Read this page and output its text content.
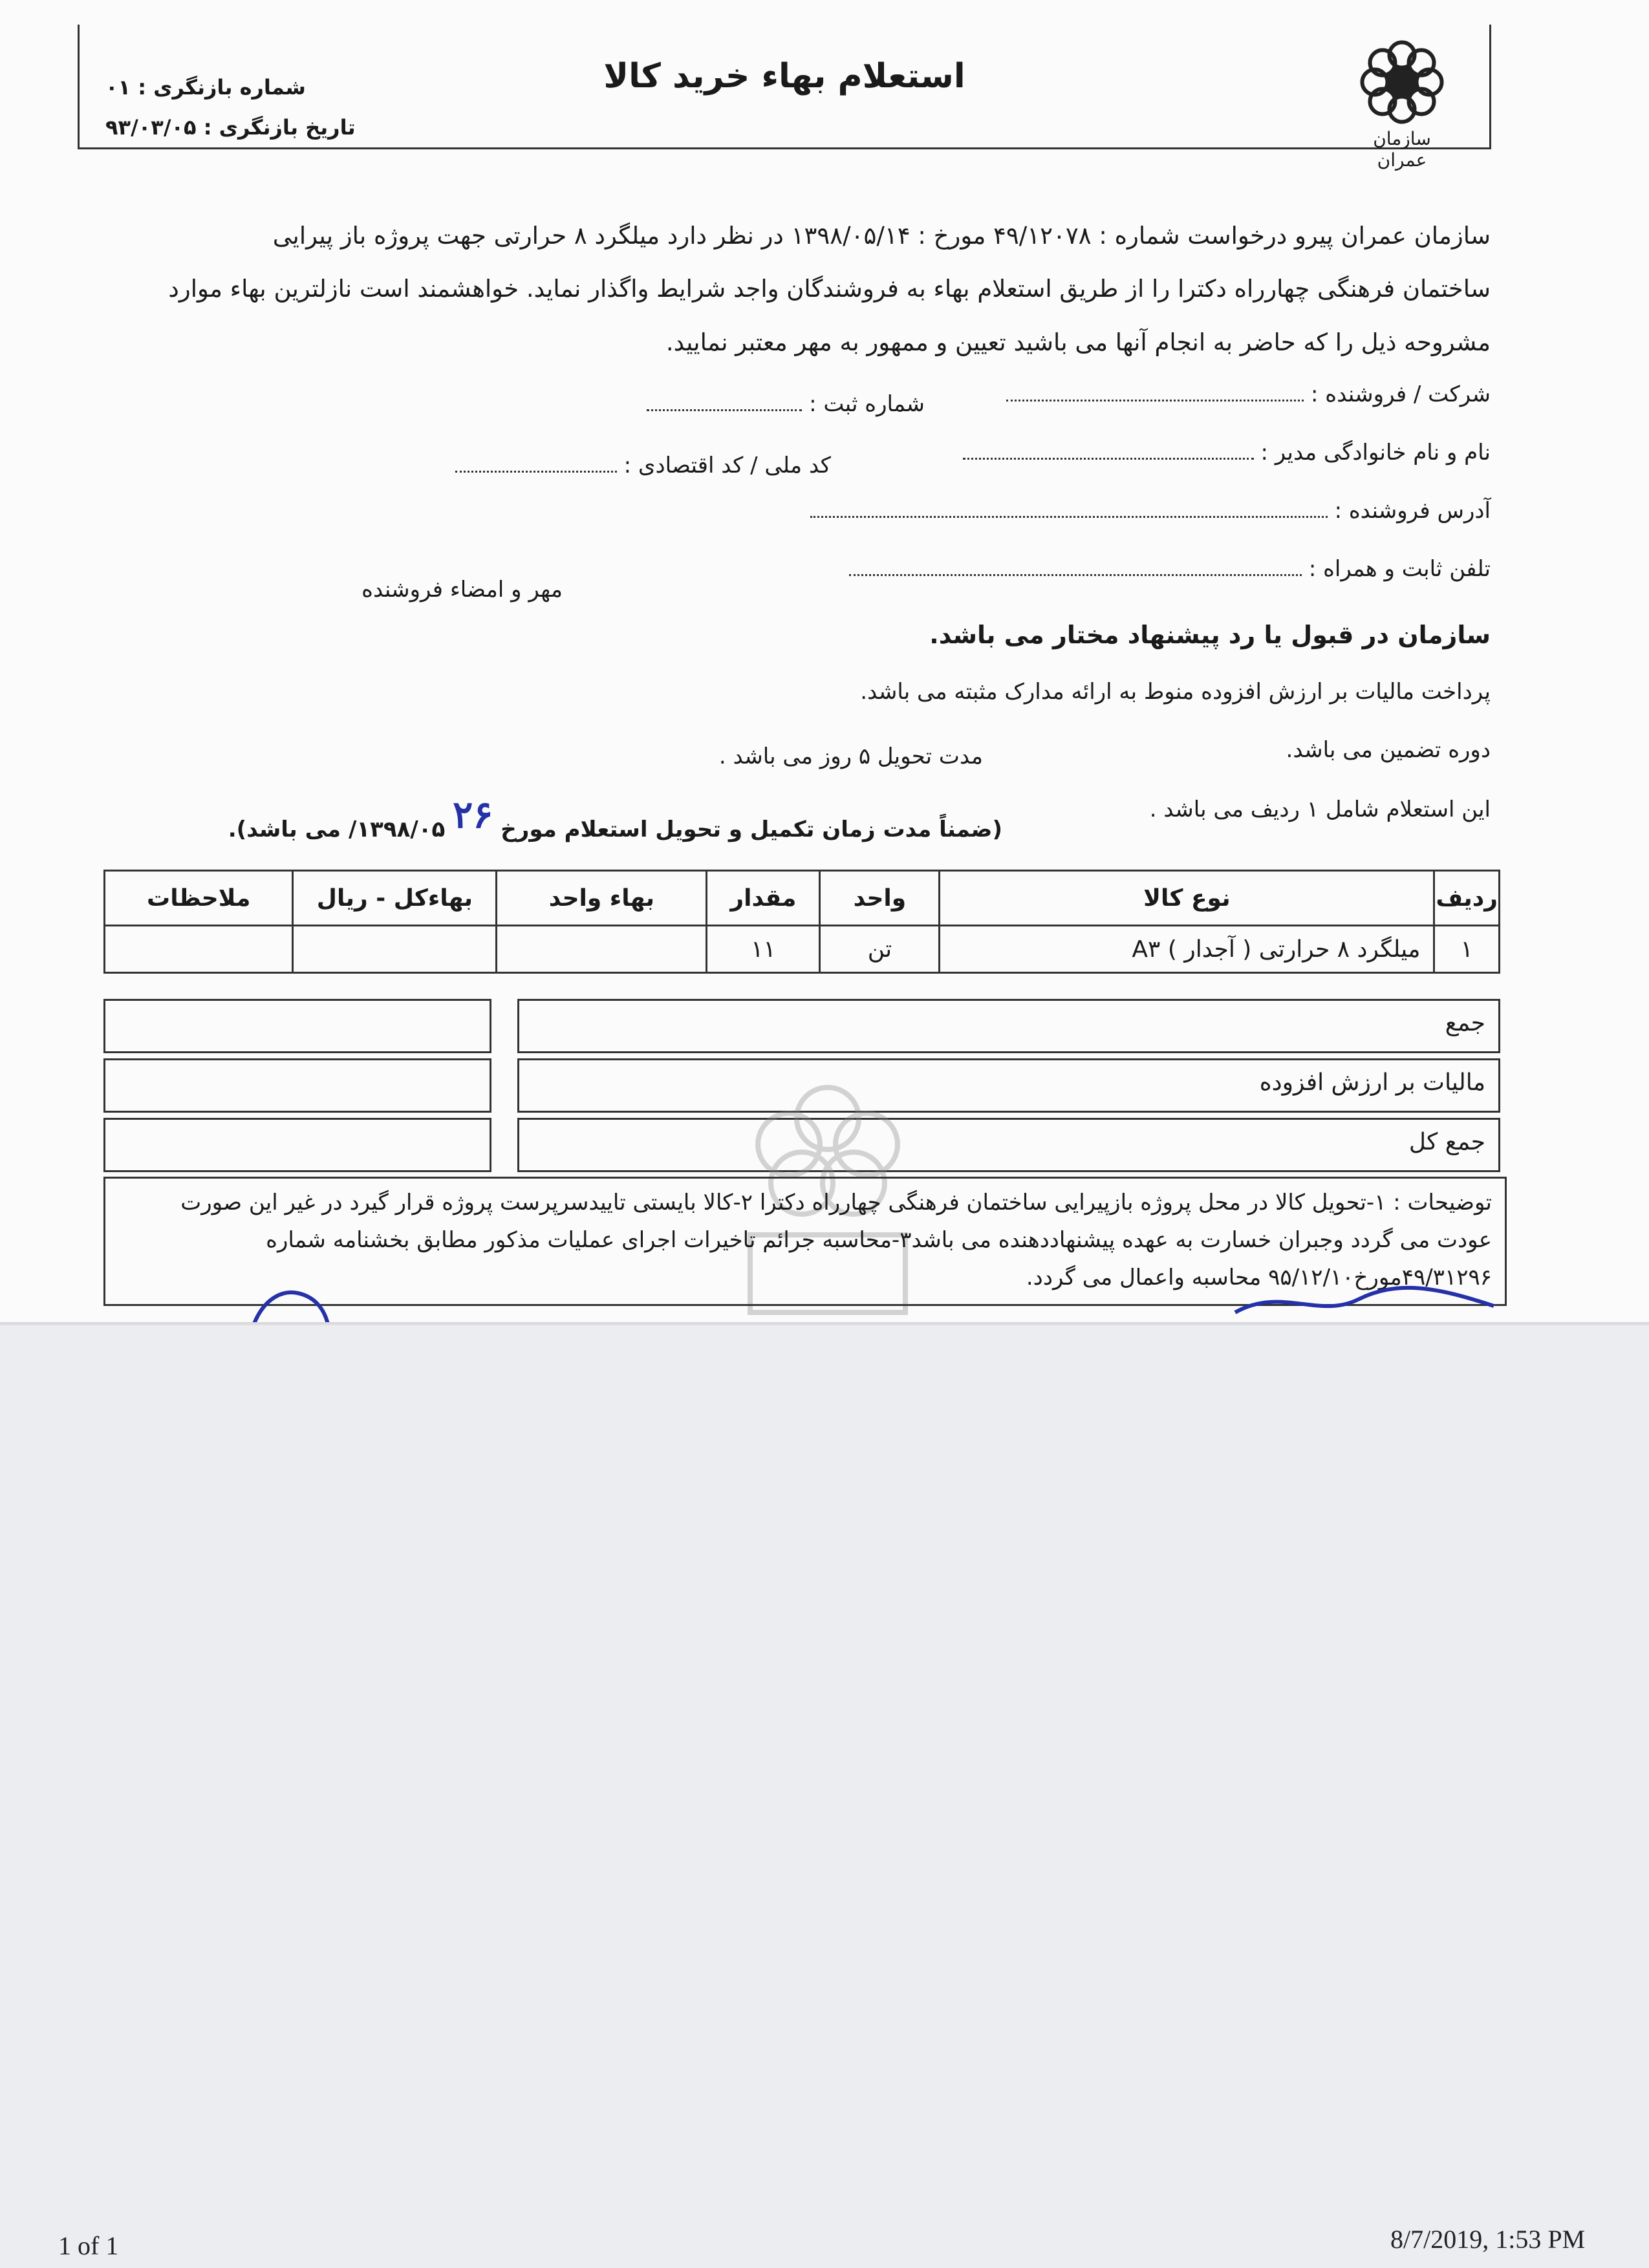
سازمان عمران
استعلام بهاء خرید کالا
شماره بازنگری : ۰۱
تاریخ بازنگری : ۹۳/۰۳/۰۵
سازمان عمران پیرو درخواست شماره : ۴۹/۱۲۰۷۸ مورخ : ۱۳۹۸/۰۵/۱۴ در نظر دارد میلگرد ۸ حرارتی جهت پروژه باز پیرایی
ساختمان فرهنگی چهارراه دکترا را از طریق استعلام بهاء به فروشندگان واجد شرایط واگذار نماید. خواهشمند است نازلترین بهاء موارد
مشروحه ذیل را که حاضر به انجام آنها می باشید تعیین و ممهور به مهر معتبر نمایید.
شرکت / فروشنده :
شماره ثبت :
نام و نام خانوادگی مدیر :
کد ملی / کد اقتصادی :
آدرس فروشنده :
تلفن ثابت و همراه :
مهر و امضاء فروشنده
سازمان در قبول یا رد پیشنهاد مختار می باشد.
پرداخت مالیات بر ارزش افزوده منوط به ارائه مدارک مثبته می باشد.
دوره تضمین می باشد.
مدت تحویل ۵ روز می باشد .
این استعلام شامل ۱ ردیف می باشد .
(ضمناً مدت زمان تکمیل و تحویل استعلام مورخ ۲۶ ۱۳۹۸/۰۵/ می باشد).
ردیف	نوع کالا	واحد	مقدار	بهاء واحد	بهاءکل - ریال	ملاحظات
۱	میلگرد ۸ حرارتی ( آجدار ) A۳	تن	۱۱			
جمع
مالیات بر ارزش افزوده
جمع کل
توضیحات : ۱-تحویل کالا در محل پروژه بازپیرایی ساختمان فرهنگی چهارراه دکترا ۲-کالا بایستی تاییدسرپرست پروژه قرار گیرد در غیر این صورت
عودت می گردد وجبران خسارت به عهده پیشنهاددهنده می باشد۳-محاسبه جرائم تاخیرات اجرای عملیات مذکور مطابق بخشنامه شماره
۴۹/۳۱۲۹۶مورخ۹۵/۱۲/۱۰ محاسبه واعمال می گردد.
1 of 1	8/7/2019, 1:53 PM
